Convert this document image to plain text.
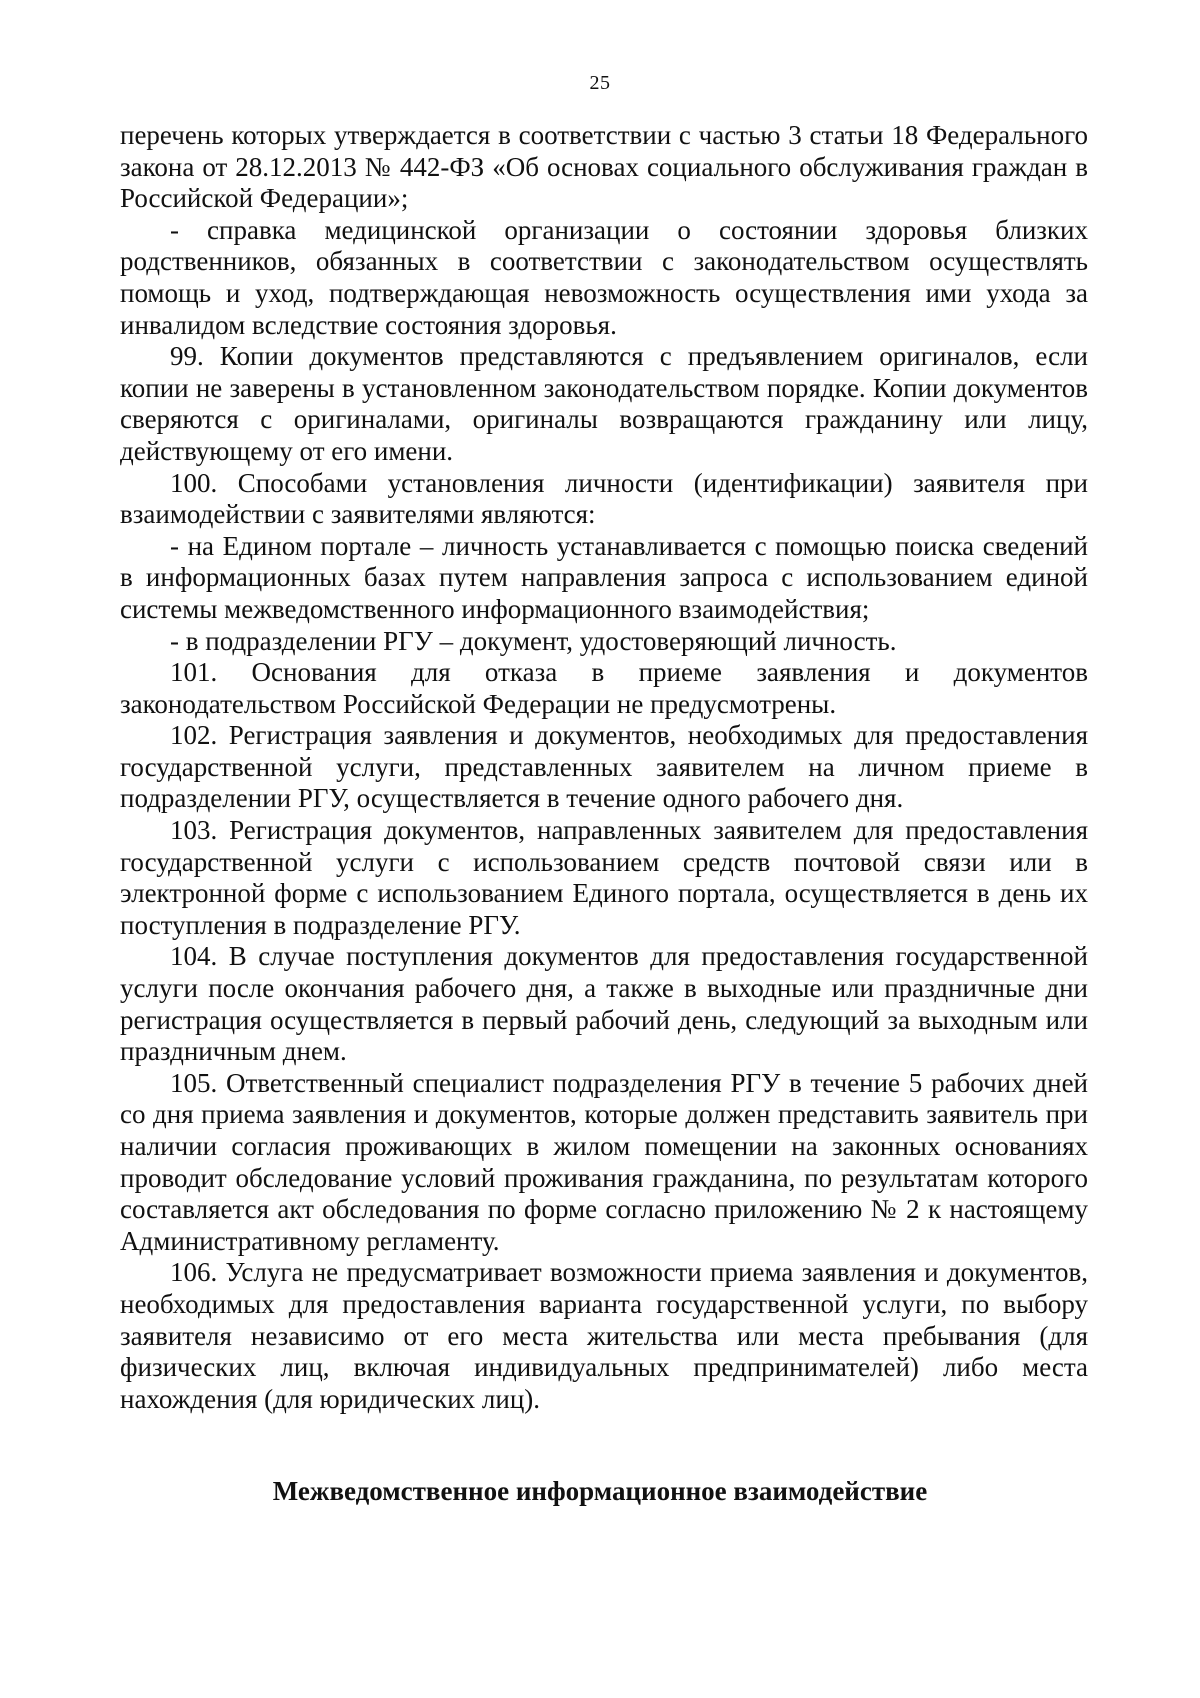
25

перечень которых утверждается в соответствии с частью 3 статьи 18 Федерального закона от 28.12.2013 № 442-ФЗ «Об основах социального обслуживания граждан в Российской Федерации»;

- справка медицинской организации о состоянии здоровья близких родственников, обязанных в соответствии с законодательством осуществлять помощь и уход, подтверждающая невозможность осуществления ими ухода за инвалидом вследствие состояния здоровья.

99. Копии документов представляются с предъявлением оригиналов, если копии не заверены в установленном законодательством порядке. Копии документов сверяются с оригиналами, оригиналы возвращаются гражданину или лицу, действующему от его имени.

100. Способами установления личности (идентификации) заявителя при взаимодействии с заявителями являются:

- на Едином портале – личность устанавливается с помощью поиска сведений в информационных базах путем направления запроса с использованием единой системы межведомственного информационного взаимодействия;

- в подразделении РГУ – документ, удостоверяющий личность.

101. Основания для отказа в приеме заявления и документов законодательством Российской Федерации не предусмотрены.

102. Регистрация заявления и документов, необходимых для предоставления государственной услуги, представленных заявителем на личном приеме в подразделении РГУ, осуществляется в течение одного рабочего дня.

103. Регистрация документов, направленных заявителем для предоставления государственной услуги с использованием средств почтовой связи или в электронной форме с использованием Единого портала, осуществляется в день их поступления в подразделение РГУ.

104. В случае поступления документов для предоставления государственной услуги после окончания рабочего дня, а также в выходные или праздничные дни регистрация осуществляется в первый рабочий день, следующий за выходным или праздничным днем.

105. Ответственный специалист подразделения РГУ в течение 5 рабочих дней со дня приема заявления и документов, которые должен представить заявитель при наличии согласия проживающих в жилом помещении на законных основаниях проводит обследование условий проживания гражданина, по результатам которого составляется акт обследования по форме согласно приложению № 2 к настоящему Административному регламенту.

106. Услуга не предусматривает возможности приема заявления и документов, необходимых для предоставления варианта государственной услуги, по выбору заявителя независимо от его места жительства или места пребывания (для физических лиц, включая индивидуальных предпринимателей) либо места нахождения (для юридических лиц).

Межведомственное информационное взаимодействие
